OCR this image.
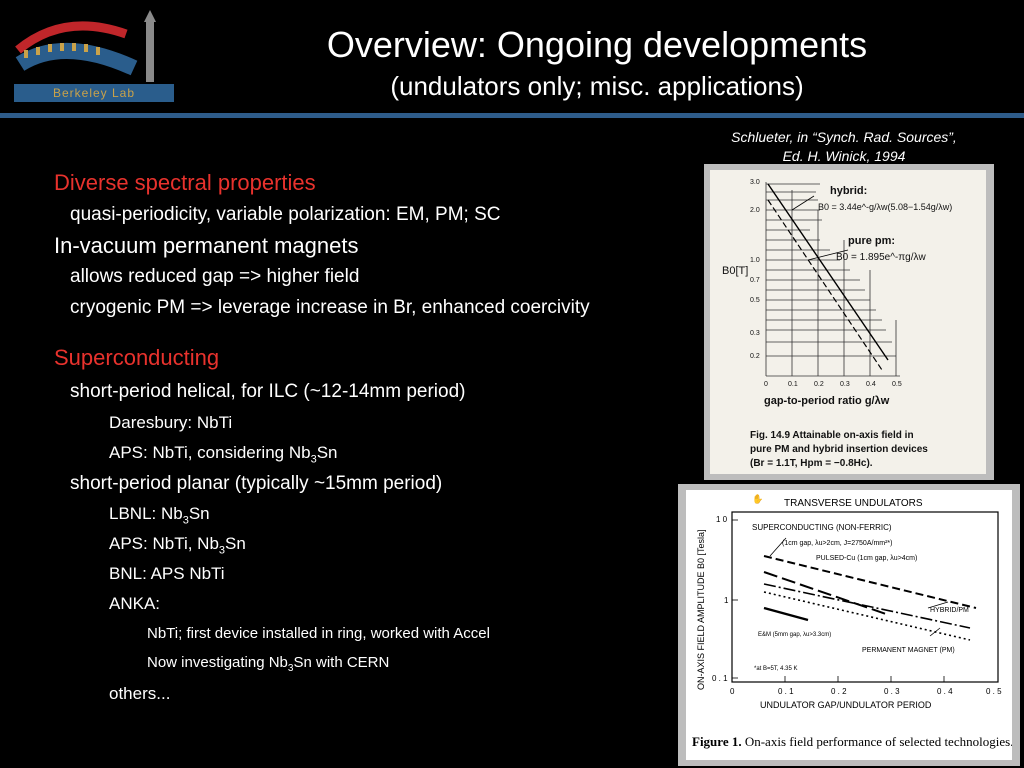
Berkeley Lab
Overview: Ongoing developments
(undulators only; misc. applications)
Schlueter, in “Synch. Rad. Sources”,
Ed. H. Winick, 1994
Diverse spectral properties
quasi-periodicity, variable polarization: EM, PM; SC
In-vacuum permanent magnets
allows reduced gap => higher field
cryogenic PM => leverage increase in Br, enhanced coercivity
Superconducting
short-period helical, for ILC (~12-14mm period)
Daresbury: NbTi
APS: NbTi, considering $Nb_3Sn$
short-period planar (typically ~15mm period)
LBNL: $Nb_3Sn$
APS: NbTi, $Nb_3Sn$
BNL: APS NbTi
ANKA:
NbTi; first device installed in ring, worked with Accel
Now investigating $Nb_3Sn$ with CERN
others...
3.0
2.0
1.0
0.7
0.5
0.3
0.2
0	0.1 0.2 0.3 0.4 0.5
B0[T]
hybrid:
B0 = 3.44e^-g/λw(5.08−1.54g/λw)
pure pm:
B0 = 1.895e^-πg/λw
gap-to-period ratio g/λw
Fig. 14.9 Attainable on-axis field in
pure PM and hybrid insertion devices
(Br = 1.1T, Hpm = −0.8Hc).
✋ TRANSVERSE UNDULATORS
SUPERCONDUCTING (NON-FERRIC)
(1cm gap, λu>2cm, J=2750A/mm²*)
PULSED-Cu (1cm gap, λu>4cm)
HYBRID/PM
E&M (5mm gap, λu>3.3cm)
PERMANENT MAGNET (PM)
*at B=5T, 4.35 K
1 0
1
0 . 1
0	0 . 1	0 . 2	0 . 3	0 . 4	0 . 5
UNDULATOR GAP/UNDULATOR PERIOD
ON-AXIS FIELD AMPLITUDE B0 [Tesla]
Figure 1. On-axis field performance of selected technologies.
